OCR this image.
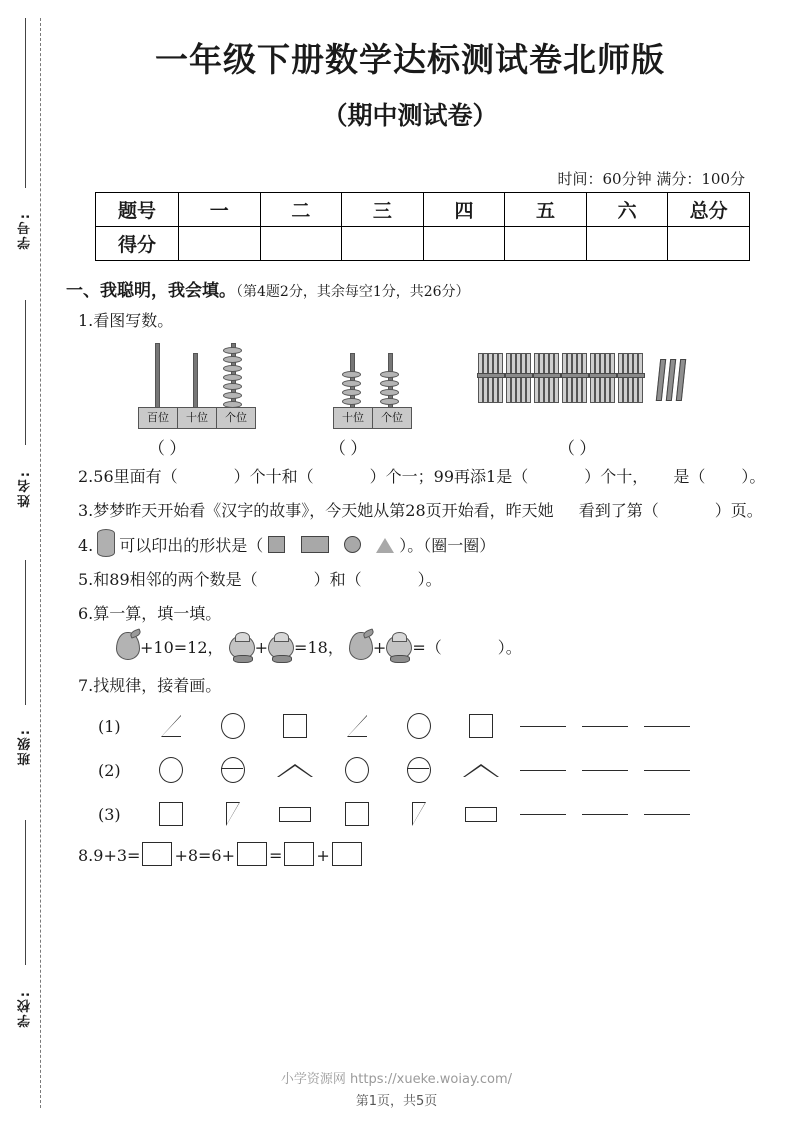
学号:
姓名:
班级:
学校:
一年级下册数学达标测试卷北师版
（期中测试卷）
时间：60分钟 满分：100分
题号	一	二	三	四	五	六	总分
得分							
一、我聪明，我会填。（第4题2分，其余每空1分，共26分）
1.看图写数。
百位	十位	个位
（ ）
十位	个位
（ ）	（ ）
2.56里面有（	）个十和（	）个一；99再添1是（	）个十， 是（ ）。
3.梦梦昨天开始看《汉字的故事》，今天她从第28页开始看，昨天她 看到了第（	）页。
4. 可以印出的形状是（	）。（圈一圈）
5.和89相邻的两个数是（	）和（	）。
6.算一算，填一填。
+10=12， + =18， + =（	）。
7.找规律，接着画。
(1)
(2)
(3)
8.9+3= +8=6+ = +
小学资源网 https://xueke.woiay.com/
第1页，共5页
